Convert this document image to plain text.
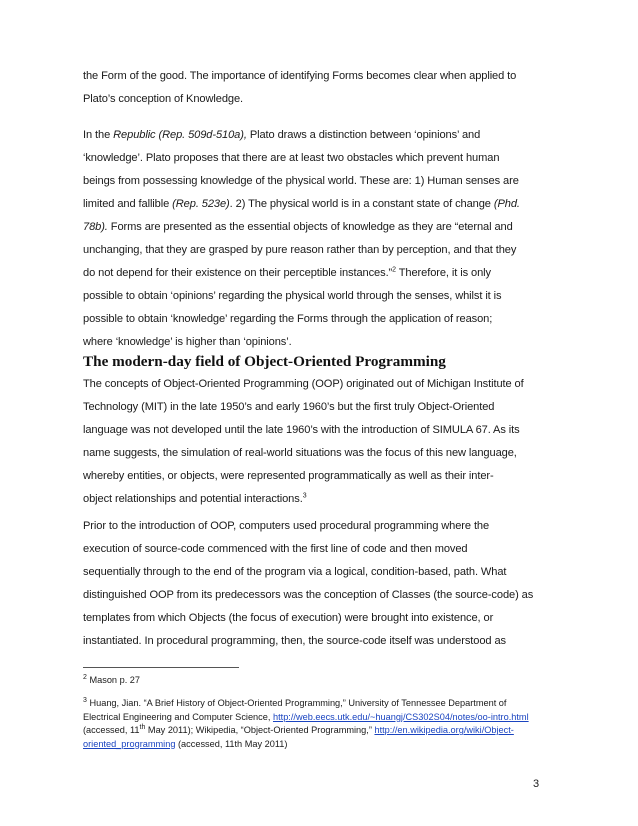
the Form of the good. The importance of identifying Forms becomes clear when applied to
Plato’s conception of Knowledge.
In the Republic (Rep. 509d-510a), Plato draws a distinction between ‘opinions’ and
‘knowledge’. Plato proposes that there are at least two obstacles which prevent human
beings from possessing knowledge of the physical world. These are: 1) Human senses are
limited and fallible (Rep. 523e). 2) The physical world is in a constant state of change (Phd.
78b). Forms are presented as the essential objects of knowledge as they are “eternal and
unchanging, that they are grasped by pure reason rather than by perception, and that they
do not depend for their existence on their perceptible instances.”$^2$ Therefore, it is only
possible to obtain ‘opinions’ regarding the physical world through the senses, whilst it is
possible to obtain ‘knowledge’ regarding the Forms through the application of reason;
where ‘knowledge’ is higher than ‘opinions’.
The modern-day field of Object-Oriented Programming
The concepts of Object-Oriented Programming (OOP) originated out of Michigan Institute of
Technology (MIT) in the late 1950’s and early 1960’s but the first truly Object-Oriented
language was not developed until the late 1960’s with the introduction of SIMULA 67. As its
name suggests, the simulation of real-world situations was the focus of this new language,
whereby entities, or objects, were represented programmatically as well as their inter-
object relationships and potential interactions.$^3$
Prior to the introduction of OOP, computers used procedural programming where the
execution of source-code commenced with the first line of code and then moved
sequentially through to the end of the program via a logical, condition-based, path. What
distinguished OOP from its predecessors was the conception of Classes (the source-code) as
templates from which Objects (the focus of execution) were brought into existence, or
instantiated. In procedural programming, then, the source-code itself was understood as
$^2$ Mason p. 27
$^3$ Huang, Jian. “A Brief History of Object-Oriented Programming,” University of Tennessee Department of
Electrical Engineering and Computer Science, http://web.eecs.utk.edu/~huangj/CS302S04/notes/oo-intro.html
(accessed, 11th May 2011); Wikipedia, “Object-Oriented Programming,” http://en.wikipedia.org/wiki/Object-
oriented_programming (accessed, 11th May 2011)
3
